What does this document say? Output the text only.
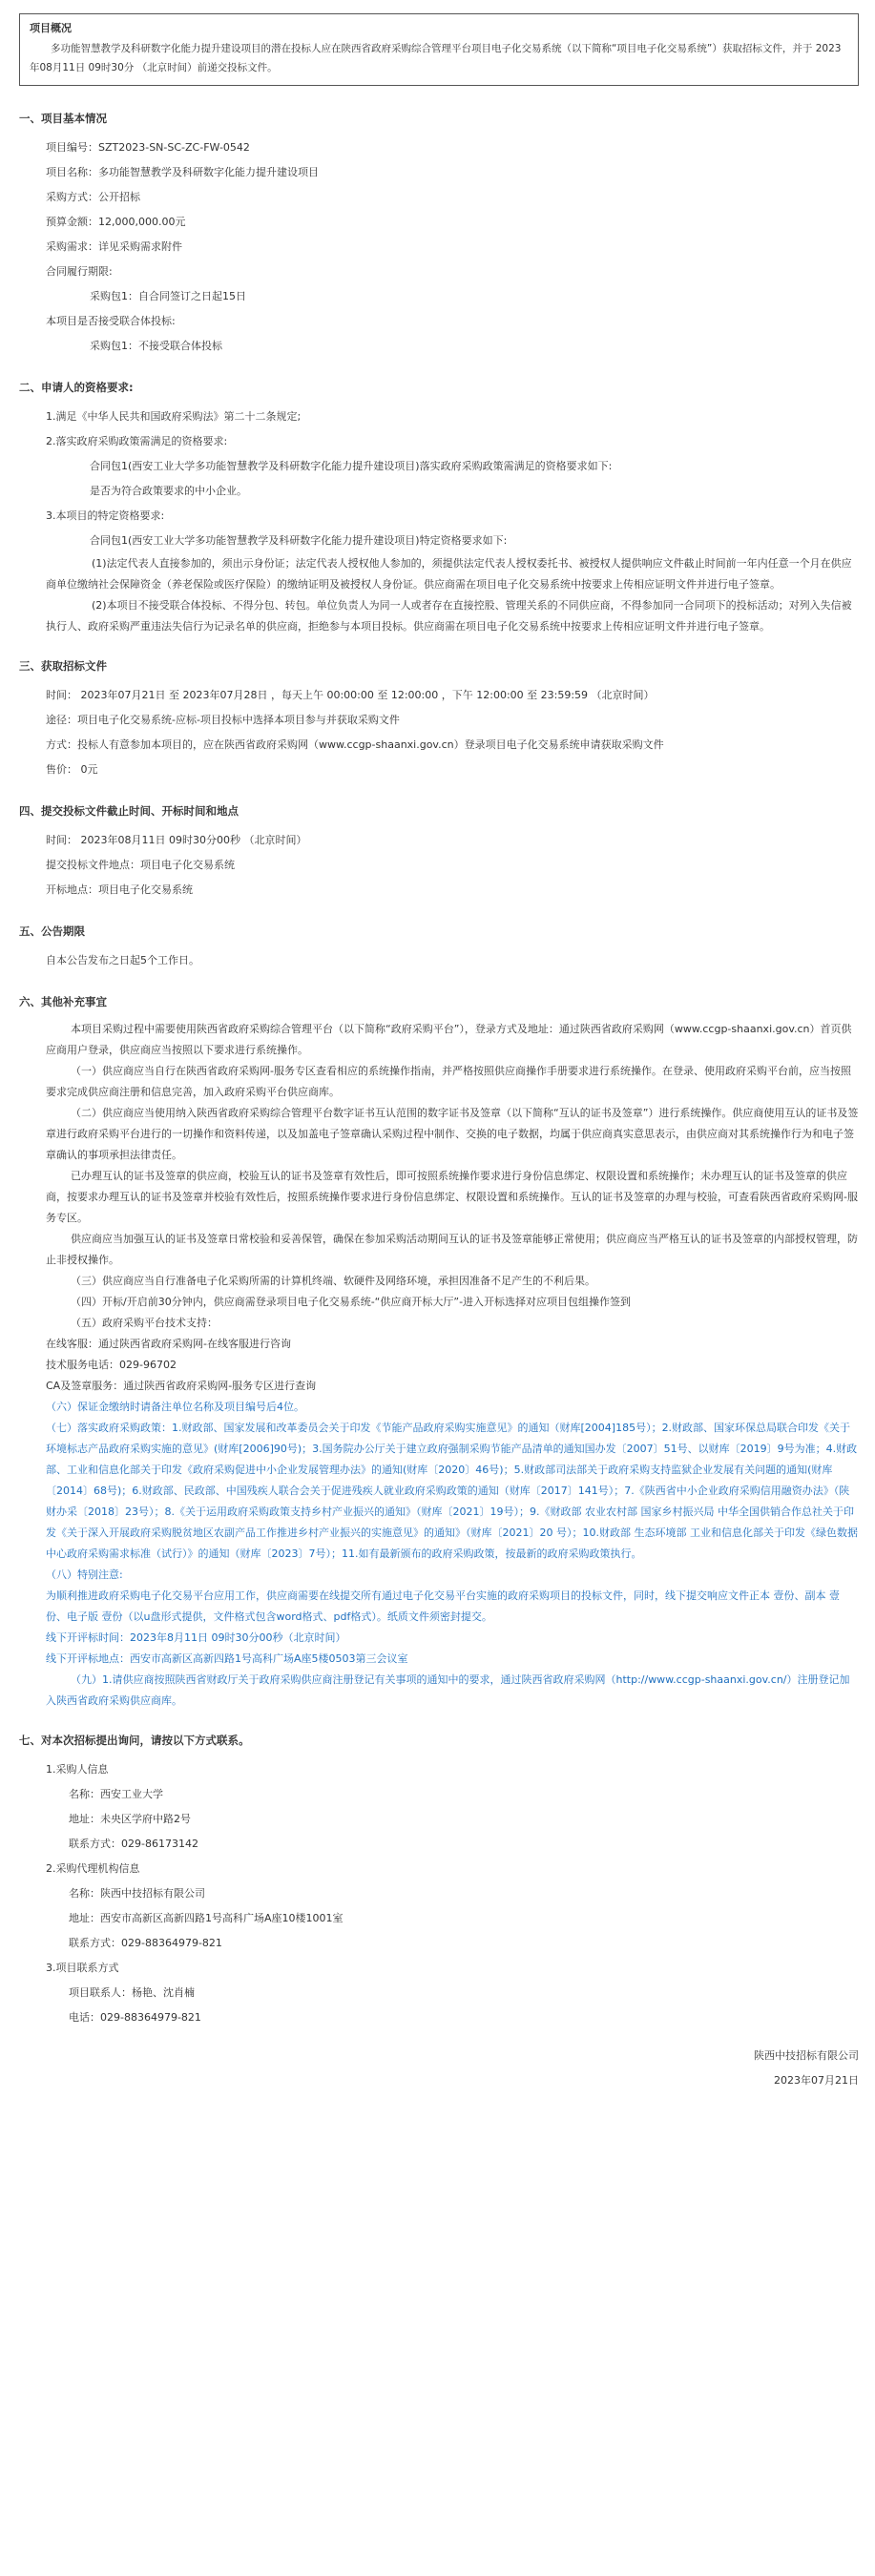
项目概况
多功能智慧教学及科研数字化能力提升建设项目的潜在投标人应在陕西省政府采购综合管理平台项目电子化交易系统（以下简称“项目电子化交易系统”）获取招标文件，并于 2023年08月11日 09时30分 （北京时间）前递交投标文件。
一、项目基本情况
项目编号：SZT2023-SN-SC-ZC-FW-0542
项目名称：多功能智慧教学及科研数字化能力提升建设项目
采购方式：公开招标
预算金额：12,000,000.00元
采购需求：详见采购需求附件
合同履行期限:
采购包1：自合同签订之日起15日
本项目是否接受联合体投标:
采购包1：不接受联合体投标
二、申请人的资格要求:
1.满足《中华人民共和国政府采购法》第二十二条规定;
2.落实政府采购政策需满足的资格要求:
合同包1(西安工业大学多功能智慧教学及科研数字化能力提升建设项目)落实政府采购政策需满足的资格要求如下:
是否为符合政策要求的中小企业。
3.本项目的特定资格要求:
合同包1(西安工业大学多功能智慧教学及科研数字化能力提升建设项目)特定资格要求如下:
(1)法定代表人直接参加的，须出示身份证；法定代表人授权他人参加的，须提供法定代表人授权委托书、被授权人提供响应文件截止时间前一年内任意一个月在供应商单位缴纳社会保障资金（养老保险或医疗保险）的缴纳证明及被授权人身份证。供应商需在项目电子化交易系统中按要求上传相应证明文件并进行电子签章。
(2)本项目不接受联合体投标、不得分包、转包。单位负责人为同一人或者存在直接控股、管理关系的不同供应商，不得参加同一合同项下的投标活动；对列入失信被执行人、政府采购严重违法失信行为记录名单的供应商，拒绝参与本项目投标。供应商需在项目电子化交易系统中按要求上传相应证明文件并进行电子签章。
三、获取招标文件
时间： 2023年07月21日 至 2023年07月28日 ，每天上午 00:00:00 至 12:00:00 ，下午 12:00:00 至 23:59:59 （北京时间）
途径：项目电子化交易系统-应标-项目投标中选择本项目参与并获取采购文件
方式：投标人有意参加本项目的，应在陕西省政府采购网（www.ccgp-shaanxi.gov.cn）登录项目电子化交易系统申请获取采购文件
售价： 0元
四、提交投标文件截止时间、开标时间和地点
时间： 2023年08月11日 09时30分00秒 （北京时间）
提交投标文件地点：项目电子化交易系统
开标地点：项目电子化交易系统
五、公告期限
自本公告发布之日起5个工作日。
六、其他补充事宜
本项目采购过程中需要使用陕西省政府采购综合管理平台（以下简称“政府采购平台”），登录方式及地址：通过陕西省政府采购网（www.ccgp-shaanxi.gov.cn）首页供应商用户登录，供应商应当按照以下要求进行系统操作。
（一）供应商应当自行在陕西省政府采购网-服务专区查看相应的系统操作指南，并严格按照供应商操作手册要求进行系统操作。在登录、使用政府采购平台前，应当按照要求完成供应商注册和信息完善，加入政府采购平台供应商库。
（二）供应商应当使用纳入陕西省政府采购综合管理平台数字证书互认范围的数字证书及签章（以下简称“互认的证书及签章”）进行系统操作。供应商使用互认的证书及签章进行政府采购平台进行的一切操作和资料传递，以及加盖电子签章确认采购过程中制作、交换的电子数据，均属于供应商真实意思表示，由供应商对其系统操作行为和电子签章确认的事项承担法律责任。
已办理互认的证书及签章的供应商，校验互认的证书及签章有效性后，即可按照系统操作要求进行身份信息绑定、权限设置和系统操作；未办理互认的证书及签章的供应商，按要求办理互认的证书及签章并校验有效性后，按照系统操作要求进行身份信息绑定、权限设置和系统操作。互认的证书及签章的办理与校验，可查看陕西省政府采购网-服务专区。
供应商应当加强互认的证书及签章日常校验和妥善保管，确保在参加采购活动期间互认的证书及签章能够正常使用；供应商应当严格互认的证书及签章的内部授权管理，防止非授权操作。
（三）供应商应当自行准备电子化采购所需的计算机终端、软硬件及网络环境，承担因准备不足产生的不利后果。
（四）开标/开启前30分钟内，供应商需登录项目电子化交易系统-“供应商开标大厅”-进入开标选择对应项目包组操作签到
（五）政府采购平台技术支持：
在线客服：通过陕西省政府采购网-在线客服进行咨询
技术服务电话：029-96702
CA及签章服务：通过陕西省政府采购网-服务专区进行查询
（六）保证金缴纳时请备注单位名称及项目编号后4位。
（七）落实政府采购政策：1.财政部、国家发展和改革委员会关于印发《节能产品政府采购实施意见》的通知（财库[2004]185号）；2.财政部、国家环保总局联合印发《关于环境标志产品政府采购实施的意见》(财库[2006]90号)；3.国务院办公厅关于建立政府强制采购节能产品清单的通知国办发〔2007〕51号、以财库〔2019〕9号为准；4.财政部、工业和信息化部关于印发《政府采购促进中小企业发展管理办法》的通知(财库〔2020〕46号)；5.财政部司法部关于政府采购支持监狱企业发展有关问题的通知(财库〔2014〕68号)；6.财政部、民政部、中国残疾人联合会关于促进残疾人就业政府采购政策的通知（财库〔2017〕141号）；7.《陕西省中小企业政府采购信用融资办法》（陕财办采〔2018〕23号）；8.《关于运用政府采购政策支持乡村产业振兴的通知》（财库〔2021〕19号）；9.《财政部 农业农村部 国家乡村振兴局 中华全国供销合作总社关于印发《关于深入开展政府采购脱贫地区农副产品工作推进乡村产业振兴的实施意见》的通知》（财库〔2021〕20 号）；10.财政部 生态环境部 工业和信息化部关于印发《绿色数据中心政府采购需求标准（试行）》的通知（财库〔2023〕7号）；11.如有最新颁布的政府采购政策，按最新的政府采购政策执行。
（八）特别注意:
为顺利推进政府采购电子化交易平台应用工作，供应商需要在线提交所有通过电子化交易平台实施的政府采购项目的投标文件，同时，线下提交响应文件正本 壹份、副本 壹份、电子版 壹份（以u盘形式提供，文件格式包含word格式、pdf格式）。纸质文件须密封提交。
线下开评标时间：2023年8月11日 09时30分00秒（北京时间）
线下开评标地点：西安市高新区高新四路1号高科广场A座5楼0503第三会议室
（九）1.请供应商按照陕西省财政厅关于政府采购供应商注册登记有关事项的通知中的要求，通过陕西省政府采购网（http://www.ccgp-shaanxi.gov.cn/）注册登记加入陕西省政府采购供应商库。
七、对本次招标提出询问，请按以下方式联系。
1.采购人信息
名称：西安工业大学
地址：未央区学府中路2号
联系方式：029-86173142
2.采购代理机构信息
名称：陕西中技招标有限公司
地址：西安市高新区高新四路1号高科广场A座10楼1001室
联系方式：029-88364979-821
3.项目联系方式
项目联系人：杨艳、沈肖楠
电话：029-88364979-821
陕西中技招标有限公司
2023年07月21日
